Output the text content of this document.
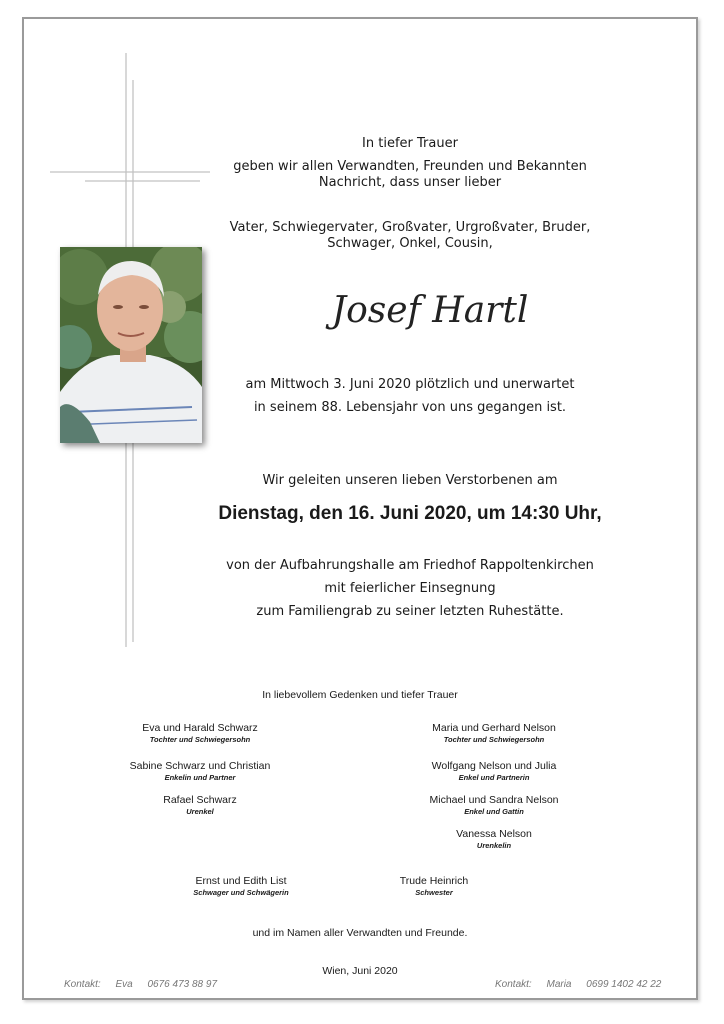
In tiefer Trauer
geben wir allen Verwandten, Freunden und Bekannten
Nachricht, dass unser lieber
Vater, Schwiegervater, Großvater, Urgroßvater, Bruder,
Schwager, Onkel, Cousin,
Josef Hartl
am Mittwoch 3. Juni 2020 plötzlich und unerwartet
in seinem 88. Lebensjahr von uns gegangen ist.
Wir geleiten unseren lieben Verstorbenen am
Dienstag, den 16. Juni 2020, um 14:30 Uhr,
von der Aufbahrungshalle am Friedhof Rappoltenkirchen
mit feierlicher Einsegnung
zum Familiengrab zu seiner letzten Ruhestätte.
In liebevollem Gedenken und tiefer Trauer
Eva und Harald Schwarz
Tochter und Schwiegersohn
Sabine Schwarz und Christian
Enkelin und Partner
Rafael Schwarz
Urenkel
Maria und Gerhard Nelson
Tochter und Schwiegersohn
Wolfgang Nelson und Julia
Enkel und Partnerin
Michael und Sandra Nelson
Enkel und Gattin
Vanessa Nelson
Urenkelin
Ernst und Edith List
Schwager und Schwägerin
Trude Heinrich
Schwester
und im Namen aller Verwandten und Freunde.
Wien, Juni 2020
Kontakt: Eva 0676 473 88 97	Kontakt: Maria 0699 1402 42 22
